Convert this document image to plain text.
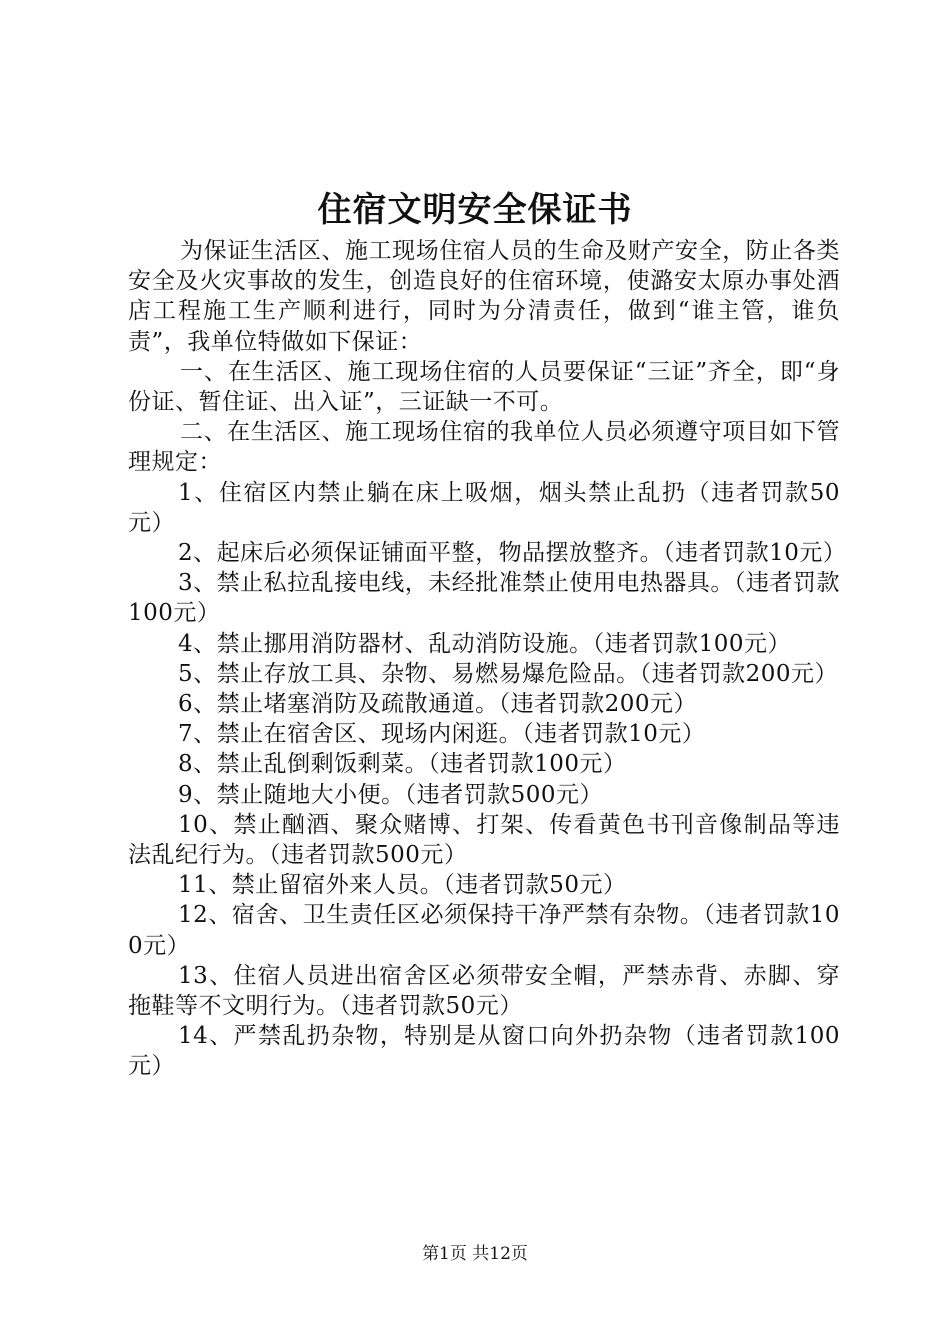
住宿文明安全保证书

为保证生活区、施工现场住宿人员的生命及财产安全，防止各类安全及火灾事故的发生，创造良好的住宿环境，使潞安太原办事处酒店工程施工生产顺利进行，同时为分清责任，做到“谁主管，谁负责”，我单位特做如下保证：

一、在生活区、施工现场住宿的人员要保证“三证”齐全，即“身份证、暂住证、出入证”，三证缺一不可。

二、在生活区、施工现场住宿的我单位人员必须遵守项目如下管理规定：

1、住宿区内禁止躺在床上吸烟，烟头禁止乱扔（违者罚款50元）

2、起床后必须保证铺面平整，物品摆放整齐。（违者罚款10元）

3、禁止私拉乱接电线，未经批准禁止使用电热器具。（违者罚款100元）

4、禁止挪用消防器材、乱动消防设施。（违者罚款100元）

5、禁止存放工具、杂物、易燃易爆危险品。（违者罚款200元）

6、禁止堵塞消防及疏散通道。（违者罚款200元）

7、禁止在宿舍区、现场内闲逛。（违者罚款10元）

8、禁止乱倒剩饭剩菜。（违者罚款100元）

9、禁止随地大小便。（违者罚款500元）

10、禁止酗酒、聚众赌博、打架、传看黄色书刊音像制品等违法乱纪行为。（违者罚款500元）

11、禁止留宿外来人员。（违者罚款50元）

12、宿舍、卫生责任区必须保持干净严禁有杂物。（违者罚款100元）

13、住宿人员进出宿舍区必须带安全帽，严禁赤背、赤脚、穿拖鞋等不文明行为。（违者罚款50元）

14、严禁乱扔杂物，特别是从窗口向外扔杂物（违者罚款100元）

第1页 共12页
